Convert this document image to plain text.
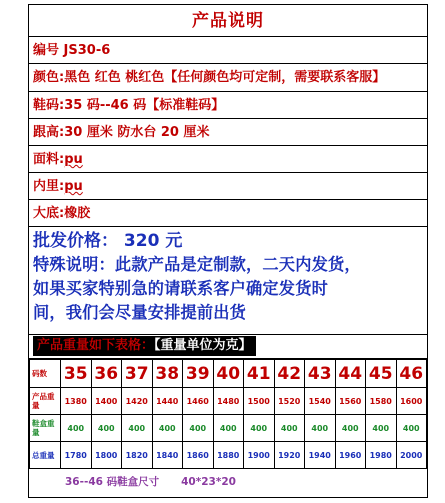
产品说明
编号 JS30-6
颜色:黑色 红色 桃红色【任何颜色均可定制，需要联系客服】
鞋码:35 码--46 码【标准鞋码】
跟高:30 厘米 防水台 20 厘米
面料:pu
内里:pu
大底:橡胶
批发价格： 320 元
特殊说明：此款产品是定制款，二天内发货，
如果买家特别急的请联系客户确定发货时
间，我们会尽量安排提前出货
产品重量如下表格：【重量单位为克】
码数	35	36	37	38	39	40	41	42	43	44	45	46
产品重量	1380	1400	1420	1440	1460	1480	1500	1520	1540	1560	1580	1600
鞋盒重量	400	400	400	400	400	400	400	400	400	400	400	400
总重量	1780	1800	1820	1840	1860	1880	1900	1920	1940	1960	1980	2000
36--46 码鞋盒尺寸 40*23*20
